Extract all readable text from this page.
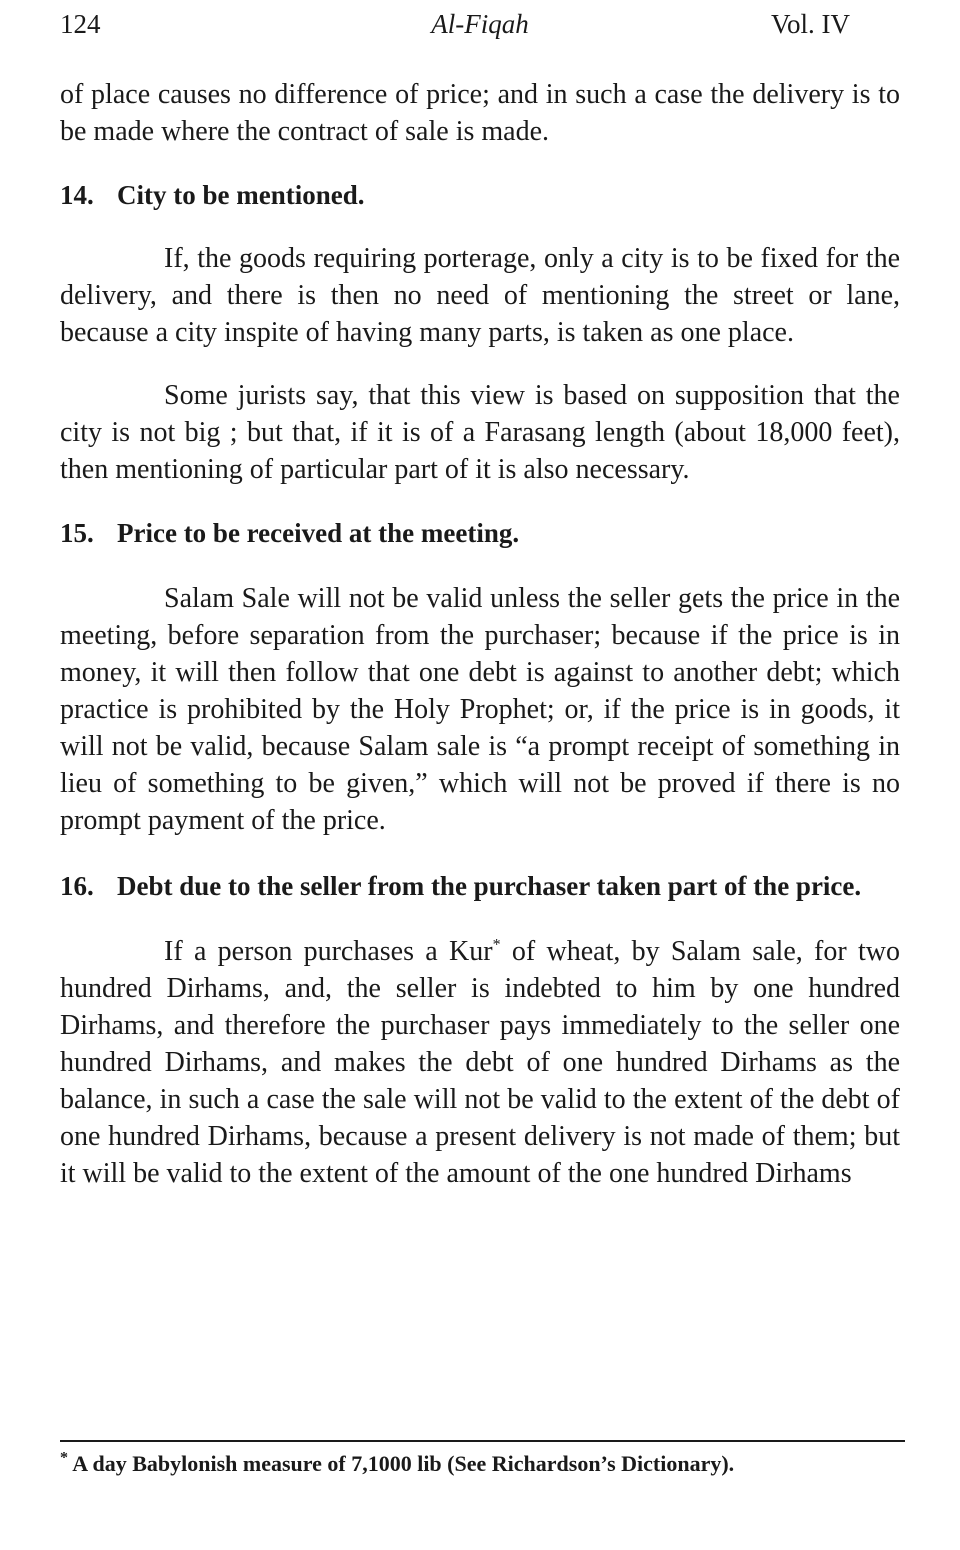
124	Al-Fiqah	Vol. IV

of place causes no difference of price; and in such a case the delivery is to be made where the contract of sale is made.

14. City to be mentioned.

If, the goods requiring porterage, only a city is to be fixed for the delivery, and there is then no need of mentioning the street or lane, because a city inspite of having many parts, is taken as one place.

Some jurists say, that this view is based on supposition that the city is not big ; but that, if it is of a Farasang length (about 18,000 feet), then mentioning of particular part of it is also necessary.

15. Price to be received at the meeting.

Salam Sale will not be valid unless the seller gets the price in the meeting, before separation from the purchaser; because if the price is in money, it will then follow that one debt is against to another debt; which practice is prohibited by the Holy Prophet; or, if the price is in goods, it will not be valid, because Salam sale is “a prompt receipt of something in lieu of something to be given,” which will not be proved if there is no prompt payment of the price.

16. Debt due to the seller from the purchaser taken part of the price.

If a person purchases a Kur* of wheat, by Salam sale, for two hundred Dirhams, and, the seller is indebted to him by one hundred Dirhams, and therefore the purchaser pays immediately to the seller one hundred Dirhams, and makes the debt of one hundred Dirhams as the balance, in such a case the sale will not be valid to the extent of the debt of one hundred Dirhams, because a present delivery is not made of them; but it will be valid to the extent of the amount of the one hundred Dirhams

* A day Babylonish measure of 7,1000 lib (See Richardson’s Dictionary).
